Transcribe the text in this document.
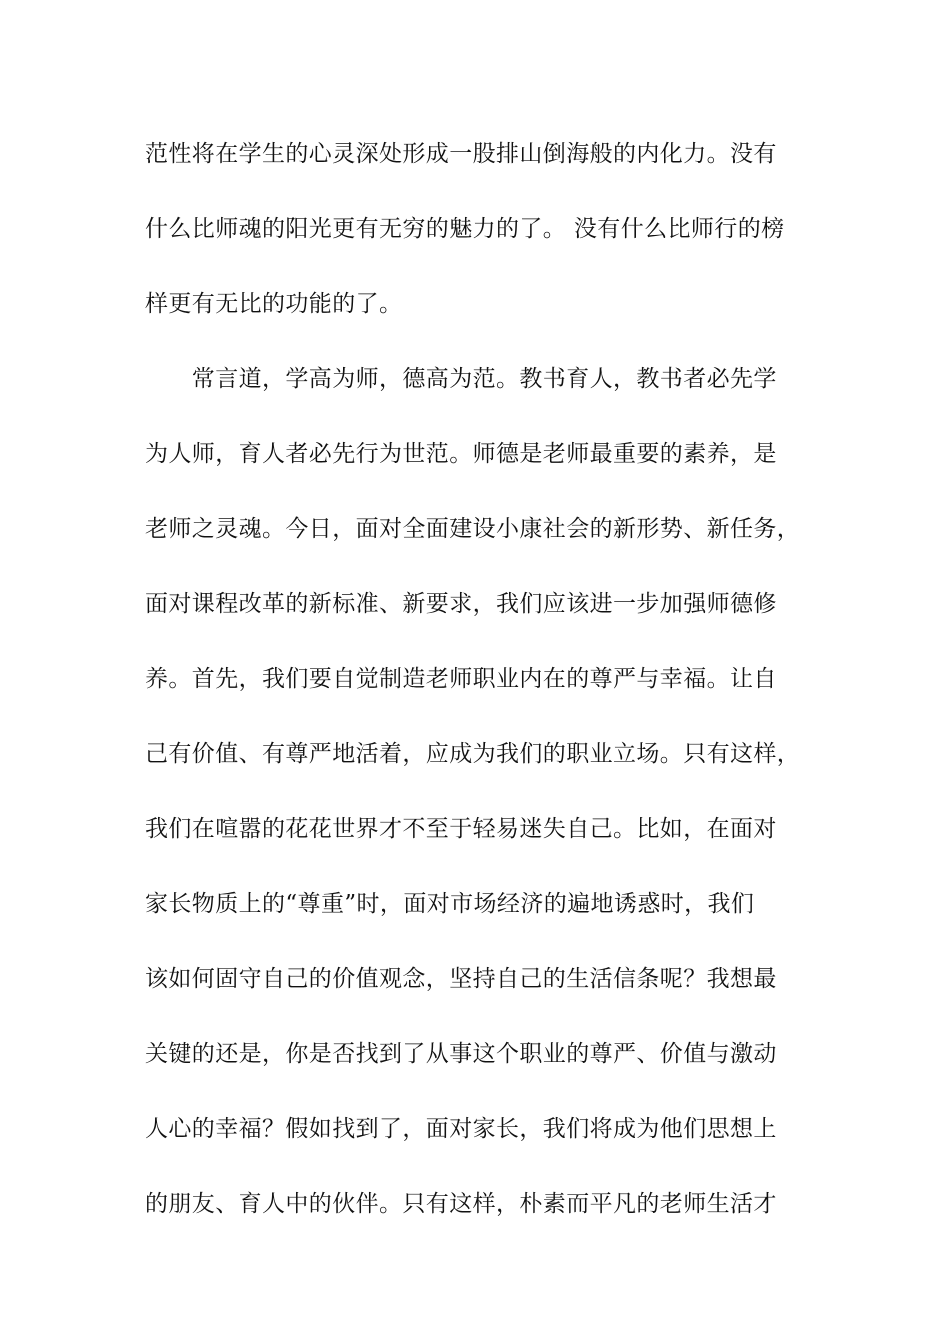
范性将在学生的心灵深处形成一股排山倒海般的内化力。没有
什么比师魂的阳光更有无穷的魅力的了。 没有什么比师行的榜
样更有无比的功能的了。
　　常言道，学高为师，德高为范。教书育人，教书者必先学
为人师，育人者必先行为世范。师德是老师最重要的素养，是
老师之灵魂。今日，面对全面建设小康社会的新形势、新任务，
面对课程改革的新标准、新要求，我们应该进一步加强师德修
养。首先，我们要自觉制造老师职业内在的尊严与幸福。让自
己有价值、有尊严地活着，应成为我们的职业立场。只有这样，
我们在喧嚣的花花世界才不至于轻易迷失自己。比如，在面对
家长物质上的“尊重”时，面对市场经济的遍地诱惑时，我们
该如何固守自己的价值观念，坚持自己的生活信条呢？我想最
关键的还是，你是否找到了从事这个职业的尊严、价值与激动
人心的幸福？假如找到了，面对家长，我们将成为他们思想上
的朋友、育人中的伙伴。只有这样，朴素而平凡的老师生活才
